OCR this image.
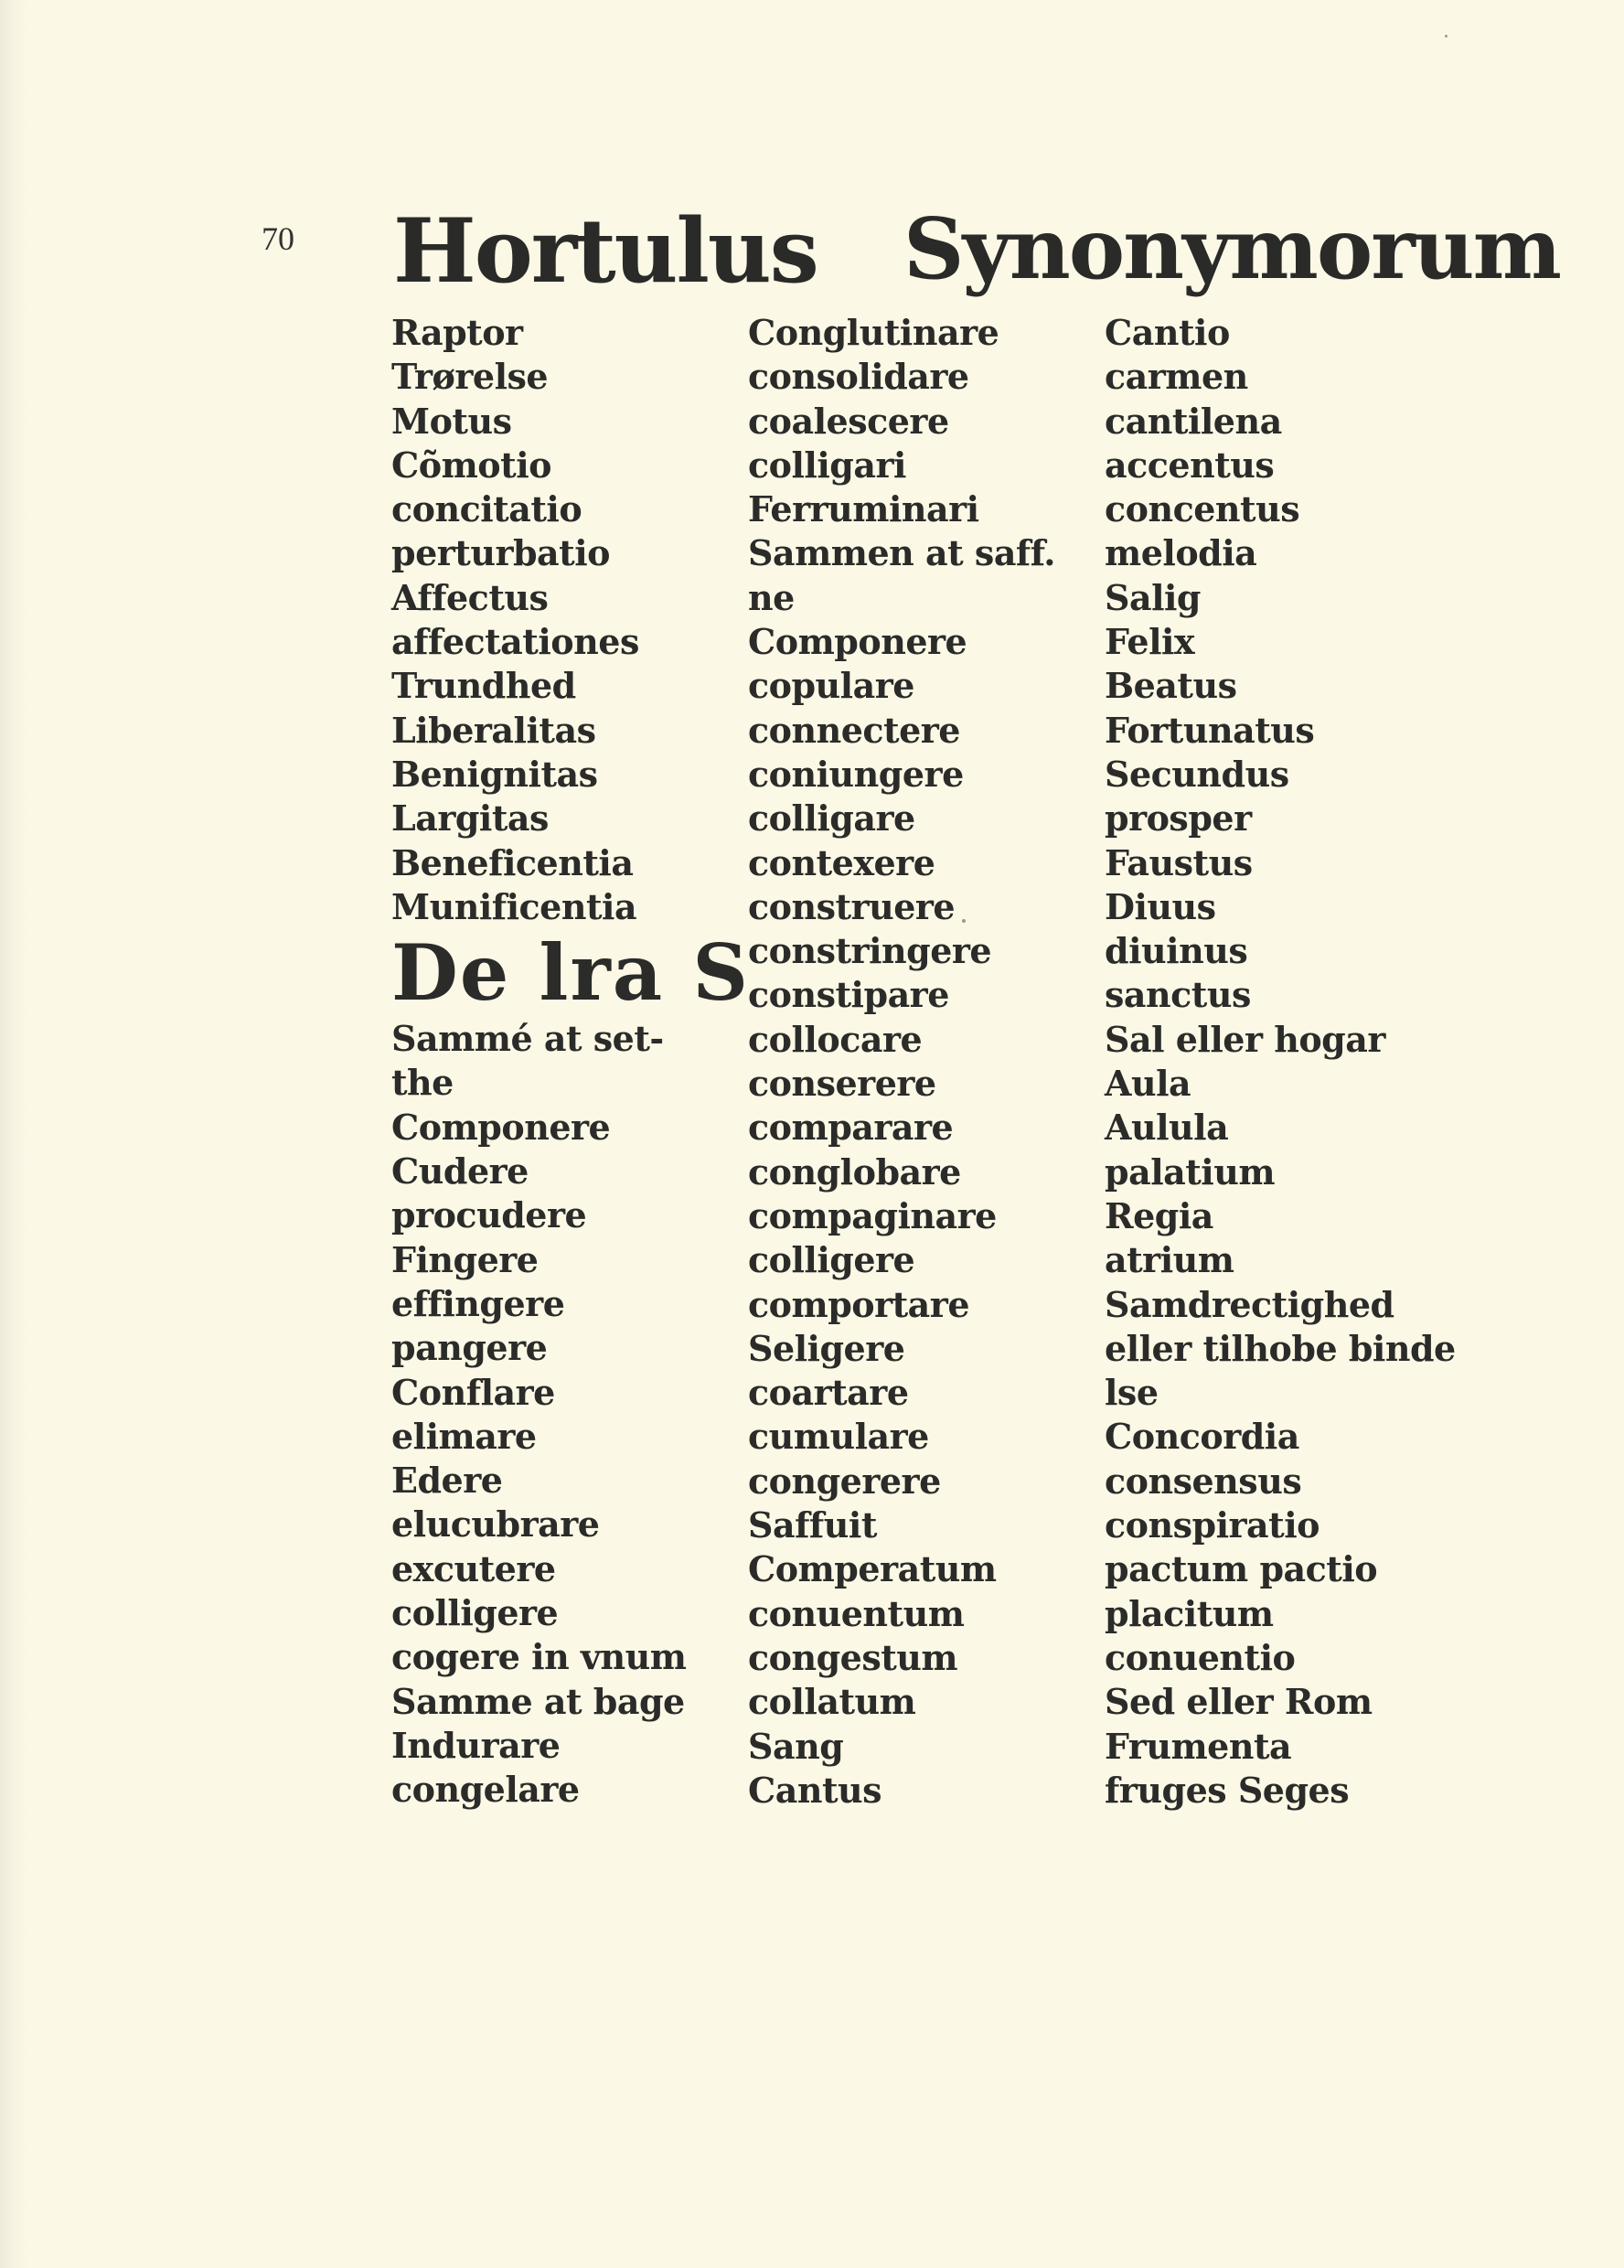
70 Hortulus Synonymorum
Raptor
Trørelse
Motus
Cõmotio
concitatio
perturbatio
Affectus
affectationes
Trundhed
Liberalitas
Benignitas
Largitas
Beneficentia
Munificentia
De lra S
Sammé at set-
the
Componere
Cudere
procudere
Fingere
effingere
pangere
Conflare
elimare
Edere
elucubrare
excutere
colligere
cogere in vnum
Samme at bage
Indurare
congelare
Conglutinare
consolidare
coalescere
colligari
Ferruminari
Sammen at saff.
ne
Componere
copulare
connectere
coniungere
colligare
contexere
construere
constringere
constipare
collocare
conserere
comparare
conglobare
compaginare
colligere
comportare
Seligere
coartare
cumulare
congerere
Saffuit
Comperatum
conuentum
congestum
collatum
Sang
Cantus
Cantio
carmen
cantilena
accentus
concentus
melodia
Salig
Felix
Beatus
Fortunatus
Secundus
prosper
Faustus
Diuus
diuinus
sanctus
Sal eller hogar
Aula
Aulula
palatium
Regia
atrium
Samdrectighed
eller tilhobe binde
lse
Concordia
consensus
conspiratio
pactum pactio
placitum
conuentio
Sed eller Rom
Frumenta
fruges Seges
